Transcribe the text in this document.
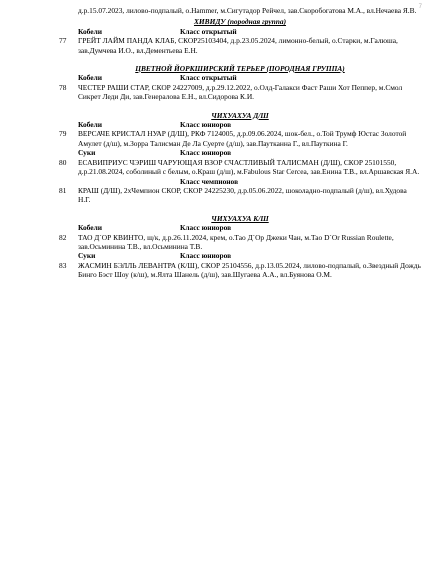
7
д.р.15.07.2023, лилово-подпалый, о.Hammer, м.Сигутадор Рейчел, зав.Скоробогатова М.А., вл.Нечаева Я.В.
ХИВИДУ (породная группа)
Кобели	Класс открытый
77 ГРЕЙТ ЛАЙМ ПАНДА КЛАБ, СКОР25103404, д.р.23.05.2024, лимонно-белый, о.Старки, м.Галюша, зав.Думчева И.О., вл.Дементьева Е.Н.
ЦВЕТНОЙ ЙОРКШИРСКИЙ ТЕРЬЕР (ПОРОДНАЯ ГРУППА)
Кобели	Класс открытый
78 ЧЕСТЕР РАШИ СТАР, СКОР 24227009, д.р.29.12.2022, о.Олд-Галакси Фаст Раши Хот Пеппер, м.Смол Сикрет Леди Ди, зав.Генералова Е.Н., вл.Сидорова К.И.
ЧИХУАХУА Д/Ш
Кобели	Класс юниоров
79 ВЕРСАЧЕ КРИСТАЛ НУАР (Д/Ш), РКФ 7124005, д.р.09.06.2024, шок-бел., о.Той Трумф Юстас Золотой Амулет (д/ш), м.Зорра Талисман Де Ла Суерте (д/ш), зав.Паутканна Г., вл.Пауткина Г.
Суки	Класс юниоров
80 ЕСАВИПРИУС ЧЭРИШ ЧАРУЮЩАЯ ВЗОР СЧАСТЛИВЫЙ ТАЛИСМАН (Д/Ш), СКОР 25101550, д.р.21.08.2024, соболиный с белым, о.Краш (д/ш), м.Fabulous Star Cercea, зав.Енина Т.В., вл.Аршавская Я.А.
Класс чемпионов
81 КРАШ (Д/Ш), 2хЧемпион СКОР, СКОР 24225230, д.р.05.06.2022, шоколадно-подпалый (д/ш), вл.Худова Н.Г.
ЧИХУАХУА К/Ш
Кобели	Класс юниоров
82 ТАО Д`ОР КВИНТО, щ/к, д.р.26.11.2024, крем, о.Тао Д`Ор Джеки Чан, м.Тао D`Or Russian Roulette, зав.Осьминина Т.В., вл.Осьминина Т.В.
Суки	Класс юниоров
83 ЖАСМИН БЭЛЛЬ ЛЕВАНТРА (К/Ш), СКОР 25104556, д.р.13.05.2024, лилово-подпалый, о.Звездный Дождь Бинго Бэст Шоу (к/ш), м.Ялта Шанель (д/ш), зав.Шугаева А.А., вл.Буянова О.М.
